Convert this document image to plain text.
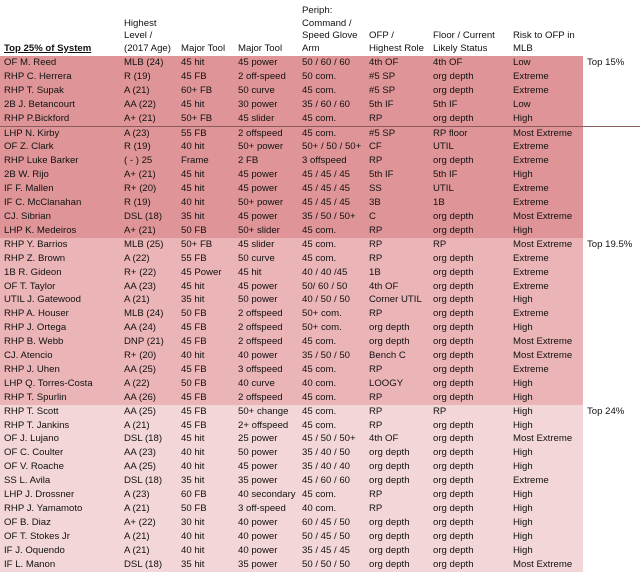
Top 25% of System	Highest Level / (2017 Age)	Major Tool	Major Tool	Periph: Command / Speed Glove Arm	OFP / Highest Role	Floor / Current Likely Status	Risk to OFP in MLB	
OF M. Reed	MLB (24)	45 hit	45 power	50 / 60 / 60	4th OF	4th OF	Low	Top 15%
RHP C. Herrera	R (19)	45 FB	2 off-speed	50 com.	#5 SP	org depth	Extreme	
RHP T. Supak	A (21)	60+ FB	50 curve	45 com.	#5 SP	org depth	Extreme	
2B J. Betancourt	AA (22)	45 hit	30 power	35 / 60 / 60	5th IF	5th IF	Low	
RHP P.Bickford	A+ (21)	50+ FB	45 slider	45 com.	RP	org depth	High	
LHP N. Kirby	A (23)	55 FB	2 offspeed	45 com.	#5 SP	RP floor	Most Extreme	
OF Z. Clark	R (19)	40 hit	50+ power	50+ / 50 / 50+	CF	UTIL	Extreme	
RHP Luke Barker	( - ) 25	Frame	2 FB	3 offspeed	RP	org depth	Extreme	
2B W. Rijo	A+ (21)	45 hit	45 power	45 / 45 / 45	5th IF	5th IF	High	
IF F. Mallen	R+ (20)	45 hit	45 power	45 / 45 / 45	SS	UTIL	Extreme	
IF C. McClanahan	R (19)	40 hit	50+ power	45 / 45 / 45	3B	1B	Extreme	
CJ. Sibrian	DSL (18)	35 hit	45 power	35 / 50 / 50+	C	org depth	Most Extreme	
LHP K. Medeiros	A+ (21)	50 FB	50+ slider	45 com.	RP	org depth	High	
RHP Y. Barrios	MLB (25)	50+ FB	45 slider	45 com.	RP	RP	Most Extreme	Top 19.5%
RHP Z. Brown	A (22)	55 FB	50 curve	45 com.	RP	org depth	Extreme	
1B R. Gideon	R+ (22)	45 Power	45 hit	40 / 40 /45	1B	org depth	Extreme	
OF T. Taylor	AA (23)	45 hit	45 power	50/ 60 / 50	4th OF	org depth	Extreme	
UTIL J. Gatewood	A (21)	35 hit	50 power	40 / 50 / 50	Corner UTIL	org depth	High	
RHP A. Houser	MLB (24)	50 FB	2 offspeed	50+ com.	RP	org depth	Extreme	
RHP J. Ortega	AA (24)	45 FB	2 offspeed	50+ com.	org depth	org depth	High	
RHP B. Webb	DNP (21)	45 FB	2 offspeed	45 com.	org depth	org depth	Most Extreme	
CJ. Atencio	R+ (20)	40 hit	40 power	35 / 50 / 50	Bench C	org depth	Most Extreme	
RHP J. Uhen	AA (25)	45 FB	3 offspeed	45 com.	RP	org depth	Extreme	
LHP Q. Torres-Costa	A (22)	50 FB	40 curve	40 com.	LOOGY	org depth	High	
RHP T. Spurlin	AA (26)	45 FB	2 offspeed	45 com.	RP	org depth	High	
RHP T. Scott	AA (25)	45 FB	50+ change	45 com.	RP	RP	High	Top 24%
RHP T. Jankins	A (21)	45 FB	2+ offspeed	45 com.	RP	org depth	High	
OF J. Lujano	DSL (18)	45 hit	25 power	45 / 50 / 50+	4th OF	org depth	Most Extreme	
OF C. Coulter	AA (23)	40 hit	50 power	35 / 40 / 50	org depth	org depth	High	
OF V. Roache	AA (25)	40 hit	45 power	35 / 40 / 40	org depth	org depth	High	
SS L. Avila	DSL (18)	35 hit	35 power	45 / 60 / 60	org depth	org depth	Extreme	
LHP J. Drossner	A (23)	60 FB	40 secondary	45 com.	RP	org depth	High	
RHP J. Yamamoto	A (21)	50 FB	3 off-speed	40 com.	RP	org depth	High	
OF B. Diaz	A+ (22)	30 hit	40 power	60 / 45 / 50	org depth	org depth	High	
OF T. Stokes Jr	A (21)	40 hit	40 power	50 / 45 / 50	org depth	org depth	High	
IF J. Oquendo	A (21)	40 hit	40 power	35 / 45 / 45	org depth	org depth	High	
IF L. Manon	DSL (18)	35 hit	35 power	50 / 50 / 50	org depth	org depth	Most Extreme	
